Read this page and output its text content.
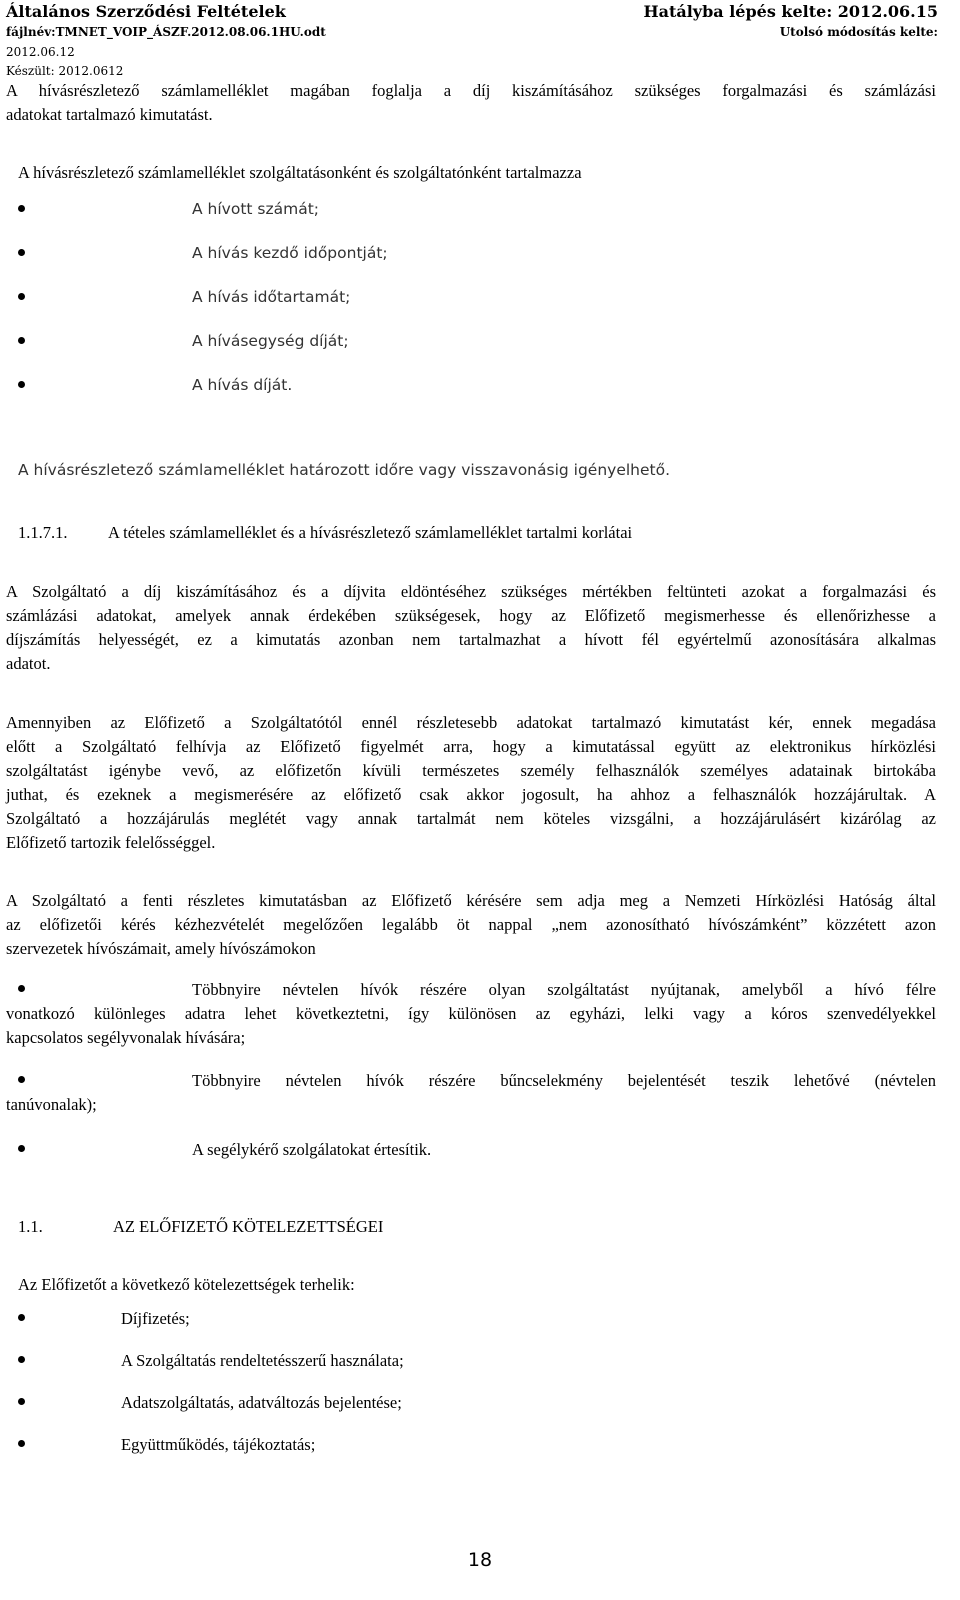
Általános Szerződési Feltételek	Hatályba lépés kelte: 2012.06.15
fájlnév:TMNET_VOIP_ÁSZF.2012.08.06.1HU.odt	Utolsó módosítás kelte:
2012.06.12
Készült: 2012.0612
A hívásrészletező számlamelléklet magában foglalja a díj kiszámításához szükséges forgalmazási és számlázási
adatokat tartalmazó kimutatást.
A hívásrészletező számlamelléklet szolgáltatásonként és szolgáltatónként tartalmazza
A hívott számát;
A hívás kezdő időpontját;
A hívás időtartamát;
A hívásegység díját;
A hívás díját.
A hívásrészletező számlamelléklet határozott időre vagy visszavonásig igényelhető.
1.1.7.1. A tételes számlamelléklet és a hívásrészletező számlamelléklet tartalmi korlátai
A Szolgáltató a díj kiszámításához és a díjvita eldöntéséhez szükséges mértékben feltünteti azokat a forgalmazási és
számlázási adatokat, amelyek annak érdekében szükségesek, hogy az Előfizető megismerhesse és ellenőrizhesse a
díjszámítás helyességét, ez a kimutatás azonban nem tartalmazhat a hívott fél egyértelmű azonosítására alkalmas
adatot.
Amennyiben az Előfizető a Szolgáltatótól ennél részletesebb adatokat tartalmazó kimutatást kér, ennek megadása
előtt a Szolgáltató felhívja az Előfizető figyelmét arra, hogy a kimutatással együtt az elektronikus hírközlési
szolgáltatást igénybe vevő, az előfizetőn kívüli természetes személy felhasználók személyes adatainak birtokába
juthat, és ezeknek a megismerésére az előfizető csak akkor jogosult, ha ahhoz a felhasználók hozzájárultak. A
Szolgáltató a hozzájárulás meglétét vagy annak tartalmát nem köteles vizsgálni, a hozzájárulásért kizárólag az
Előfizető tartozik felelősséggel.
A Szolgáltató a fenti részletes kimutatásban az Előfizető kérésére sem adja meg a Nemzeti Hírközlési Hatóság által
az előfizetői kérés kézhezvételét megelőzően legalább öt nappal „nem azonosítható hívószámként” közzétett azon
szervezetek hívószámait, amely hívószámokon
Többnyire névtelen hívók részére olyan szolgáltatást nyújtanak, amelyből a hívó félre
vonatkozó különleges adatra lehet következtetni, így különösen az egyházi, lelki vagy a kóros szenvedélyekkel
kapcsolatos segélyvonalak hívására;
Többnyire névtelen hívók részére bűncselekmény bejelentését teszik lehetővé (névtelen
tanúvonalak);
A segélykérő szolgálatokat értesítik.
1.1.	AZ ELŐFIZETŐ KÖTELEZETTSÉGEI
Az Előfizetőt a következő kötelezettségek terhelik:
Díjfizetés;
A Szolgáltatás rendeltetésszerű használata;
Adatszolgáltatás, adatváltozás bejelentése;
Együttműködés, tájékoztatás;
18
